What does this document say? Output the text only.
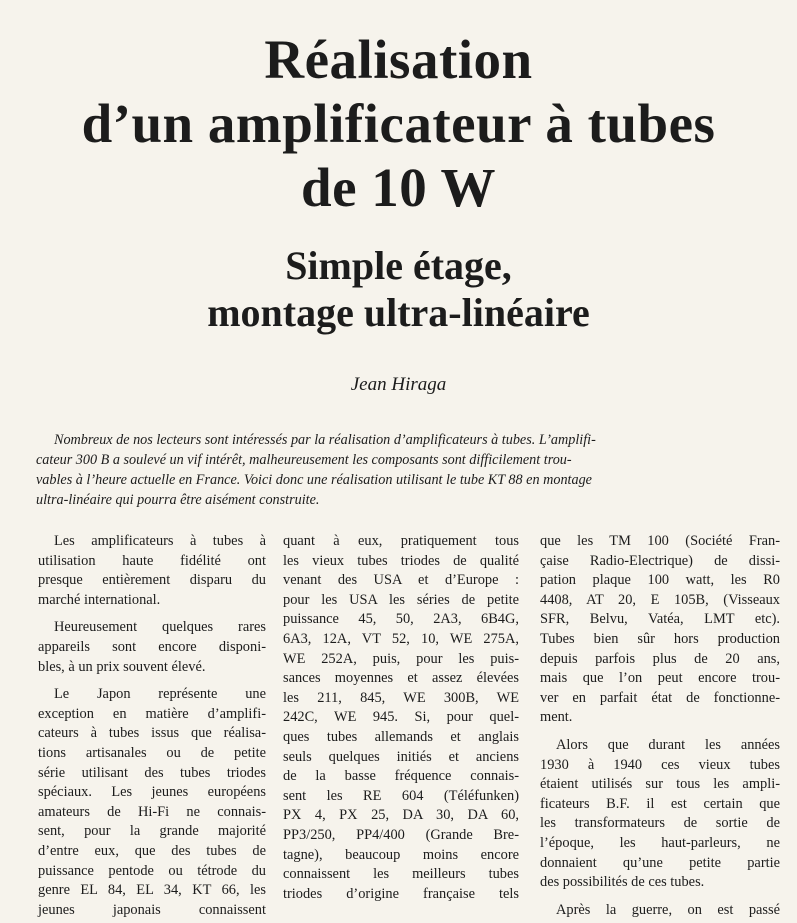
Réalisation
d’un amplificateur à tubes
de 10 W
Simple étage,
montage ultra-linéaire
Jean Hiraga
Nombreux de nos lecteurs sont intéressés par la réalisation d’amplificateurs à tubes. L’amplifi-
cateur 300 B a soulevé un vif intérêt, malheureusement les composants sont difficilement trou-
vables à l’heure actuelle en France. Voici donc une réalisation utilisant le tube KT 88 en montage
ultra-linéaire qui pourra être aisément construite.
Les amplificateurs à tubes à
utilisation haute fidélité ont
presque entièrement disparu du
marché international.
Heureusement quelques rares
appareils sont encore disponi-
bles, à un prix souvent élevé.
Le Japon représente une
exception en matière d’amplifi-
cateurs à tubes issus que réalisa-
tions artisanales ou de petite
série utilisant des tubes triodes
spéciaux. Les jeunes européens
amateurs de Hi-Fi ne connais-
sent, pour la grande majorité
d’entre eux, que des tubes de
puissance pentode ou tétrode du
genre EL 84, EL 34, KT 66, les
jeunes japonais connaissent
quant à eux, pratiquement tous
les vieux tubes triodes de qualité
venant des USA et d’Europe :
pour les USA les séries de petite
puissance 45, 50, 2A3, 6B4G,
6A3, 12A, VT 52, 10, WE 275A,
WE 252A, puis, pour les puis-
sances moyennes et assez élevées
les 211, 845, WE 300B, WE
242C, WE 945. Si, pour quel-
ques tubes allemands et anglais
seuls quelques initiés et anciens
de la basse fréquence connais-
sent les RE 604 (Téléfunken)
PX 4, PX 25, DA 30, DA 60,
PP3/250, PP4/400 (Grande Bre-
tagne), beaucoup moins encore
connaissent les meilleurs tubes
triodes d’origine française tels
que les TM 100 (Société Fran-
çaise Radio-Electrique) de dissi-
pation plaque 100 watt, les R0
4408, AT 20, E 105B, (Visseaux
SFR, Belvu, Vatéa, LMT etc).
Tubes bien sûr hors production
depuis parfois plus de 20 ans,
mais que l’on peut encore trou-
ver en parfait état de fonctionne-
ment.
Alors que durant les années
1930 à 1940 ces vieux tubes
étaient utilisés sur tous les ampli-
ficateurs B.F. il est certain que
les transformateurs de sortie de
l’époque, les haut-parleurs, ne
donnaient qu’une petite partie
des possibilités de ces tubes.
Après la guerre, on est passé
